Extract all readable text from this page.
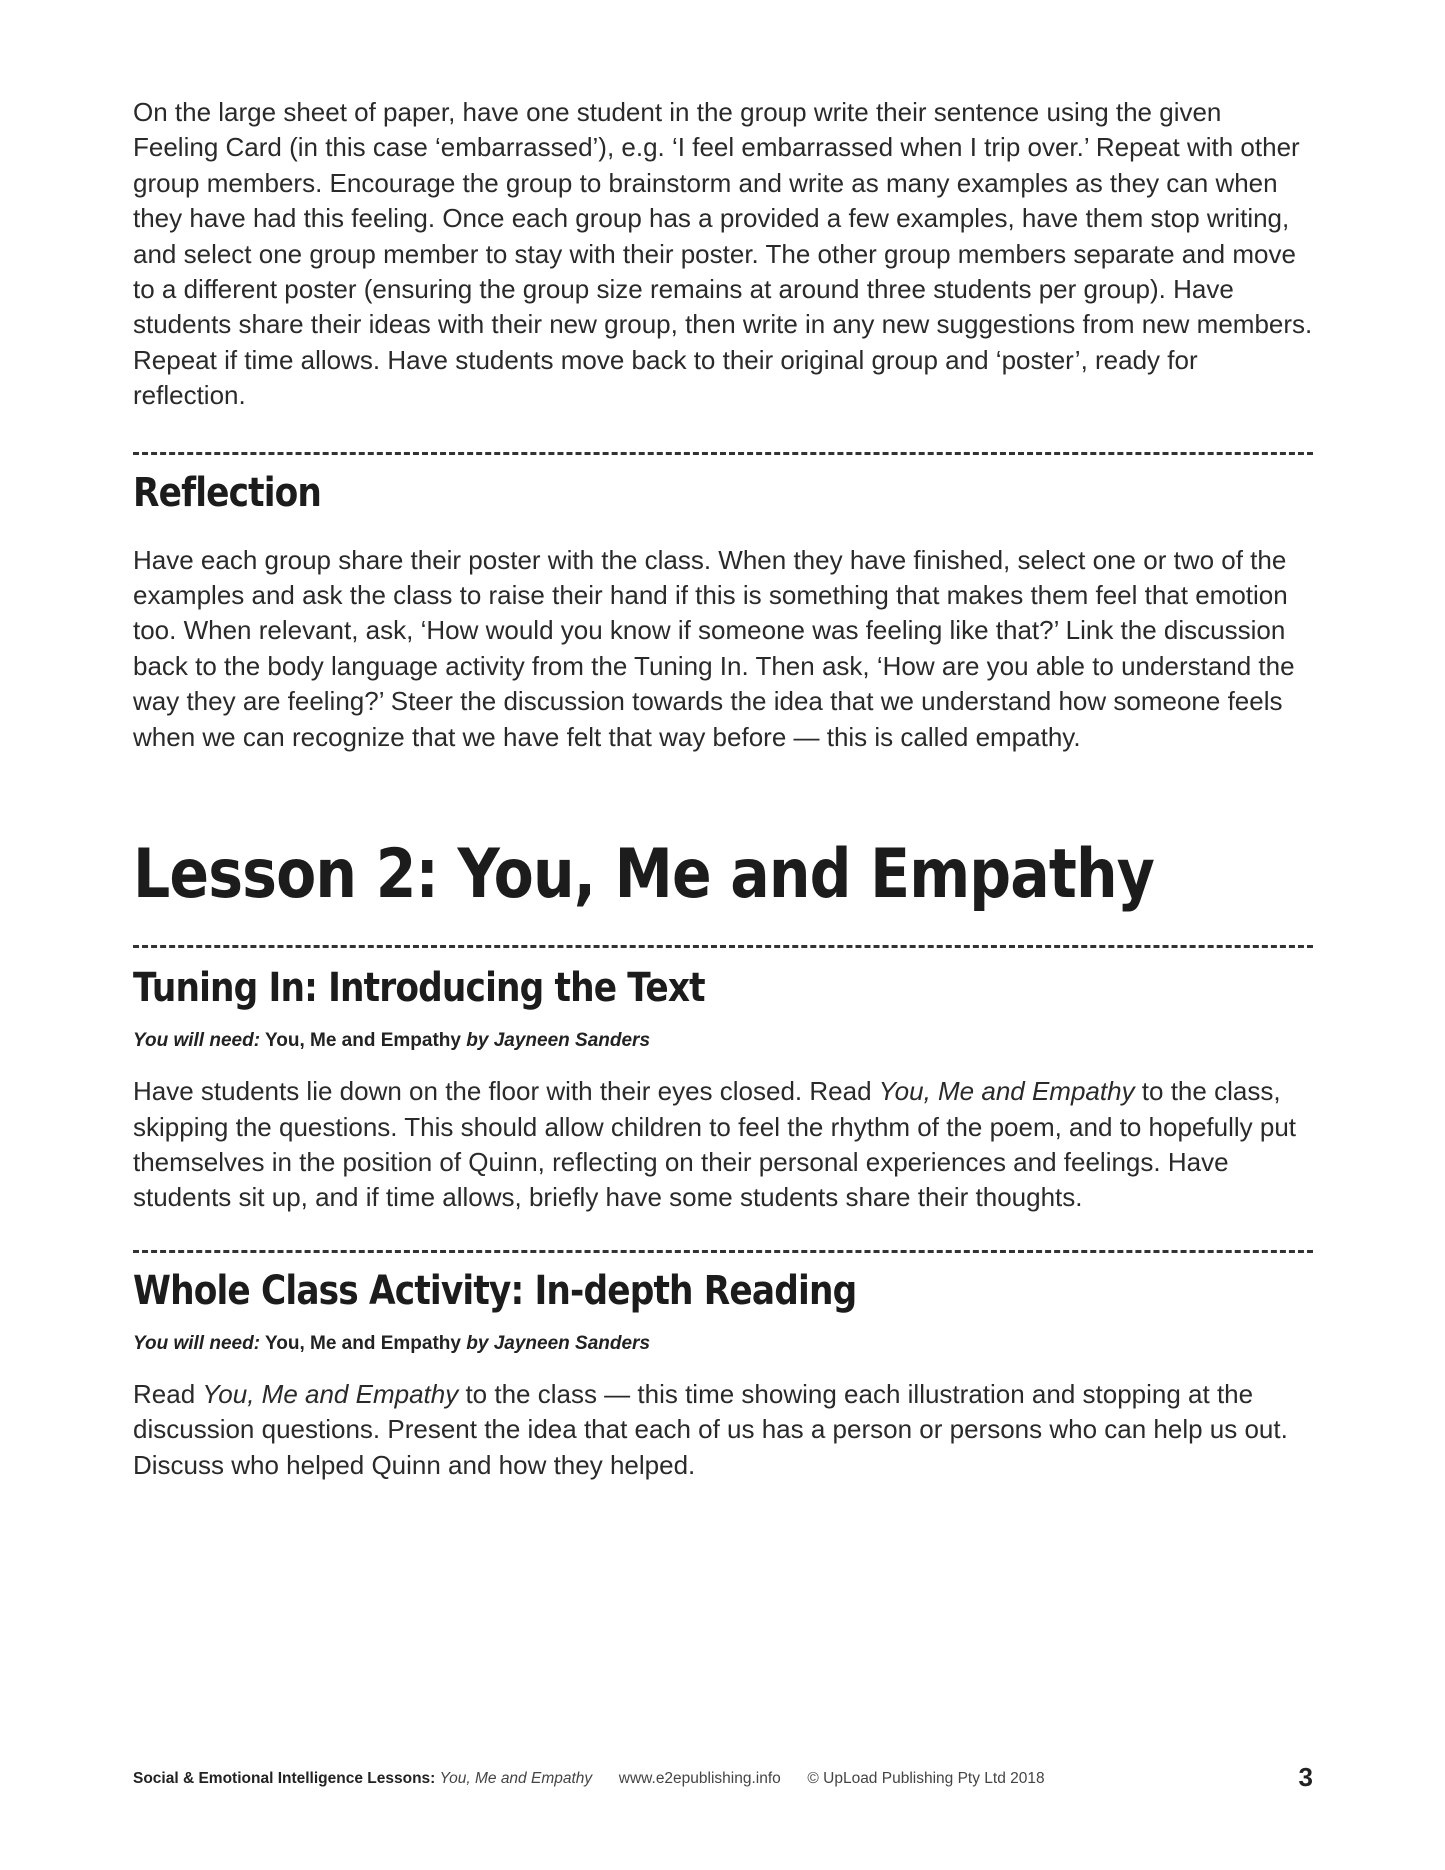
On the large sheet of paper, have one student in the group write their sentence using the given Feeling Card (in this case ‘embarrassed’), e.g. ‘I feel embarrassed when I trip over.’ Repeat with other group members. Encourage the group to brainstorm and write as many examples as they can when they have had this feeling. Once each group has a provided a few examples, have them stop writing, and select one group member to stay with their poster. The other group members separate and move to a different poster (ensuring the group size remains at around three students per group). Have students share their ideas with their new group, then write in any new suggestions from new members. Repeat if time allows. Have students move back to their original group and ‘poster’, ready for reflection.

Reflection

Have each group share their poster with the class. When they have finished, select one or two of the examples and ask the class to raise their hand if this is something that makes them feel that emotion too. When relevant, ask, ‘How would you know if someone was feeling like that?’ Link the discussion back to the body language activity from the Tuning In. Then ask, ‘How are you able to understand the way they are feeling?’ Steer the discussion towards the idea that we understand how someone feels when we can recognize that we have felt that way before — this is called empathy.

Lesson 2: You, Me and Empathy
Tuning In: Introducing the Text

You will need: You, Me and Empathy by Jayneen Sanders

Have students lie down on the floor with their eyes closed. Read You, Me and Empathy to the class, skipping the questions. This should allow children to feel the rhythm of the poem, and to hopefully put themselves in the position of Quinn, reflecting on their personal experiences and feelings. Have students sit up, and if time allows, briefly have some students share their thoughts.

Whole Class Activity: In-depth Reading

You will need: You, Me and Empathy by Jayneen Sanders

Read You, Me and Empathy to the class — this time showing each illustration and stopping at the discussion questions. Present the idea that each of us has a person or persons who can help us out. Discuss who helped Quinn and how they helped.

Social & Emotional Intelligence Lessons: You, Me and Empathy www.e2epublishing.info © UpLoad Publishing Pty Ltd 2018	3
